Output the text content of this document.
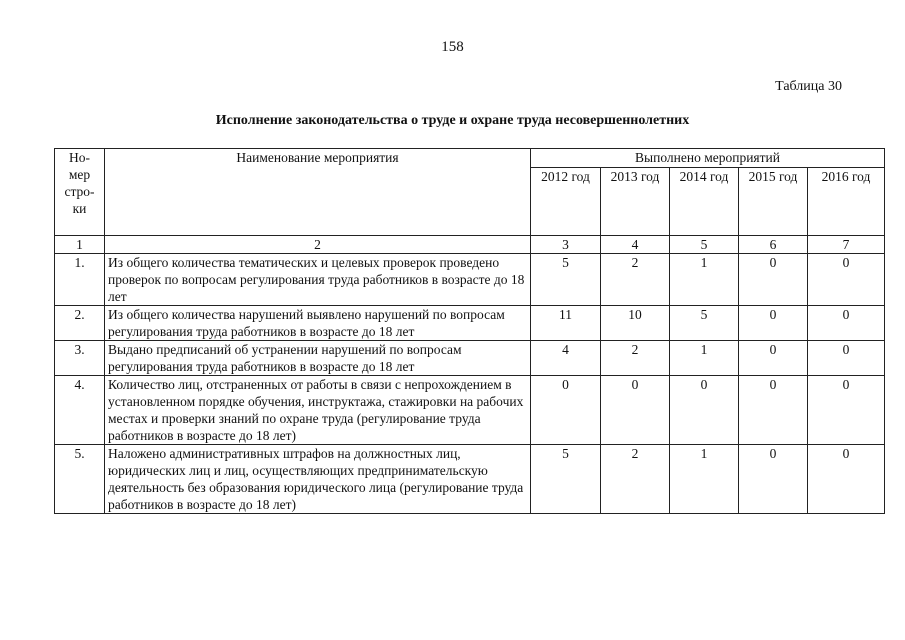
158
Таблица 30
Исполнение законодательства о труде и охране труда несовершеннолетних
Но-
мер
стро-
ки	Наименование мероприятия	Выполнено мероприятий				
		2012 год	2013 год	2014 год	2015 год	2016 год
1	2	3	4	5	6	7
1.	Из общего количества тематических и целевых проверок проведено проверок по вопросам регулирования труда работников в возрасте до 18 лет	5	2	1	0	0
2.	Из общего количества нарушений выявлено нарушений по вопросам регулирования труда работников в возрасте до 18 лет	11	10	5	0	0
3.	Выдано предписаний об устранении нарушений по вопросам регулирования труда работников в возрасте до 18 лет	4	2	1	0	0
4.	Количество лиц, отстраненных от работы в связи с непрохождением в установленном порядке обучения, инструктажа, стажировки на рабочих местах и проверки знаний по охране труда (регулирование труда работников в возрасте до 18 лет)	0	0	0	0	0
5.	Наложено административных штрафов на должностных лиц, юридических лиц и лиц, осуществляющих предпринимательскую деятельность без образования юридического лица (регулирование труда работников в возрасте до 18 лет)	5	2	1	0	0
